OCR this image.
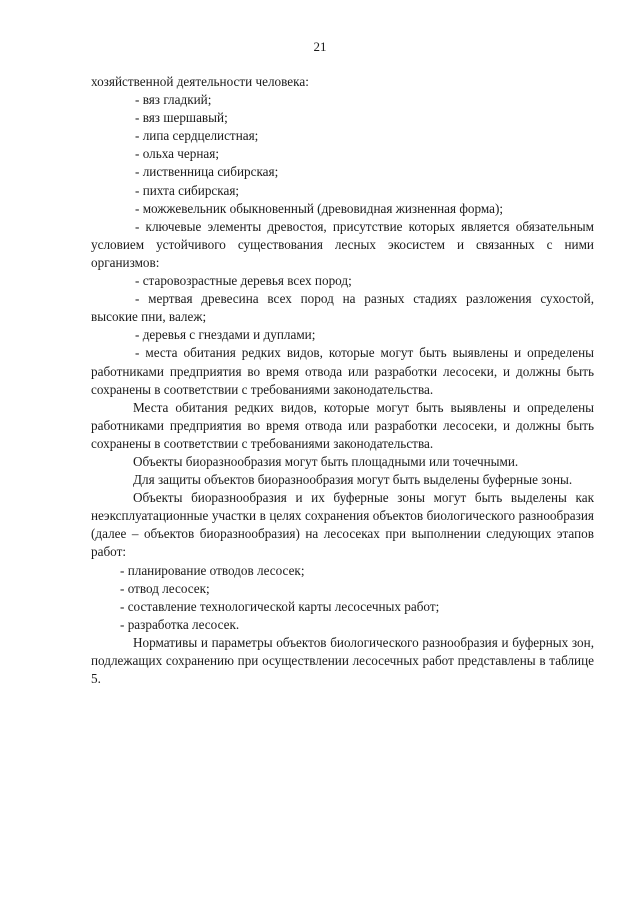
21

хозяйственной деятельности человека:

- вяз гладкий;

- вяз шершавый;

- липа сердцелистная;

- ольха черная;

- лиственница сибирская;

- пихта сибирская;

- можжевельник обыкновенный (древовидная жизненная форма);

- ключевые элементы древостоя, присутствие которых является обязательным условием устойчивого существования лесных экосистем и связанных с ними организмов:

- старовозрастные деревья всех пород;

- мертвая древесина всех пород на разных стадиях разложения сухостой, высокие пни, валеж;

- деревья с гнездами и дуплами;

- места обитания редких видов, которые могут быть выявлены и определены работниками предприятия во время отвода или разработки лесосеки, и должны быть сохранены в соответствии с требованиями законодательства.

Места обитания редких видов, которые могут быть выявлены и определены работниками предприятия во время отвода или разработки лесосеки, и должны быть сохранены в соответствии с требованиями законодательства.

Объекты биоразнообразия могут быть площадными или точечными.

Для защиты объектов биоразнообразия могут быть выделены буферные зоны.

Объекты биоразнообразия и их буферные зоны могут быть выделены как неэксплуатационные участки в целях сохранения объектов биологического разнообразия (далее – объектов биоразнообразия) на лесосеках при выполнении следующих этапов работ:

- планирование отводов лесосек;

- отвод лесосек;

- составление технологической карты лесосечных работ;

- разработка лесосек.

Нормативы и параметры объектов биологического разнообразия и буферных зон, подлежащих сохранению при осуществлении лесосечных работ представлены в таблице 5.
